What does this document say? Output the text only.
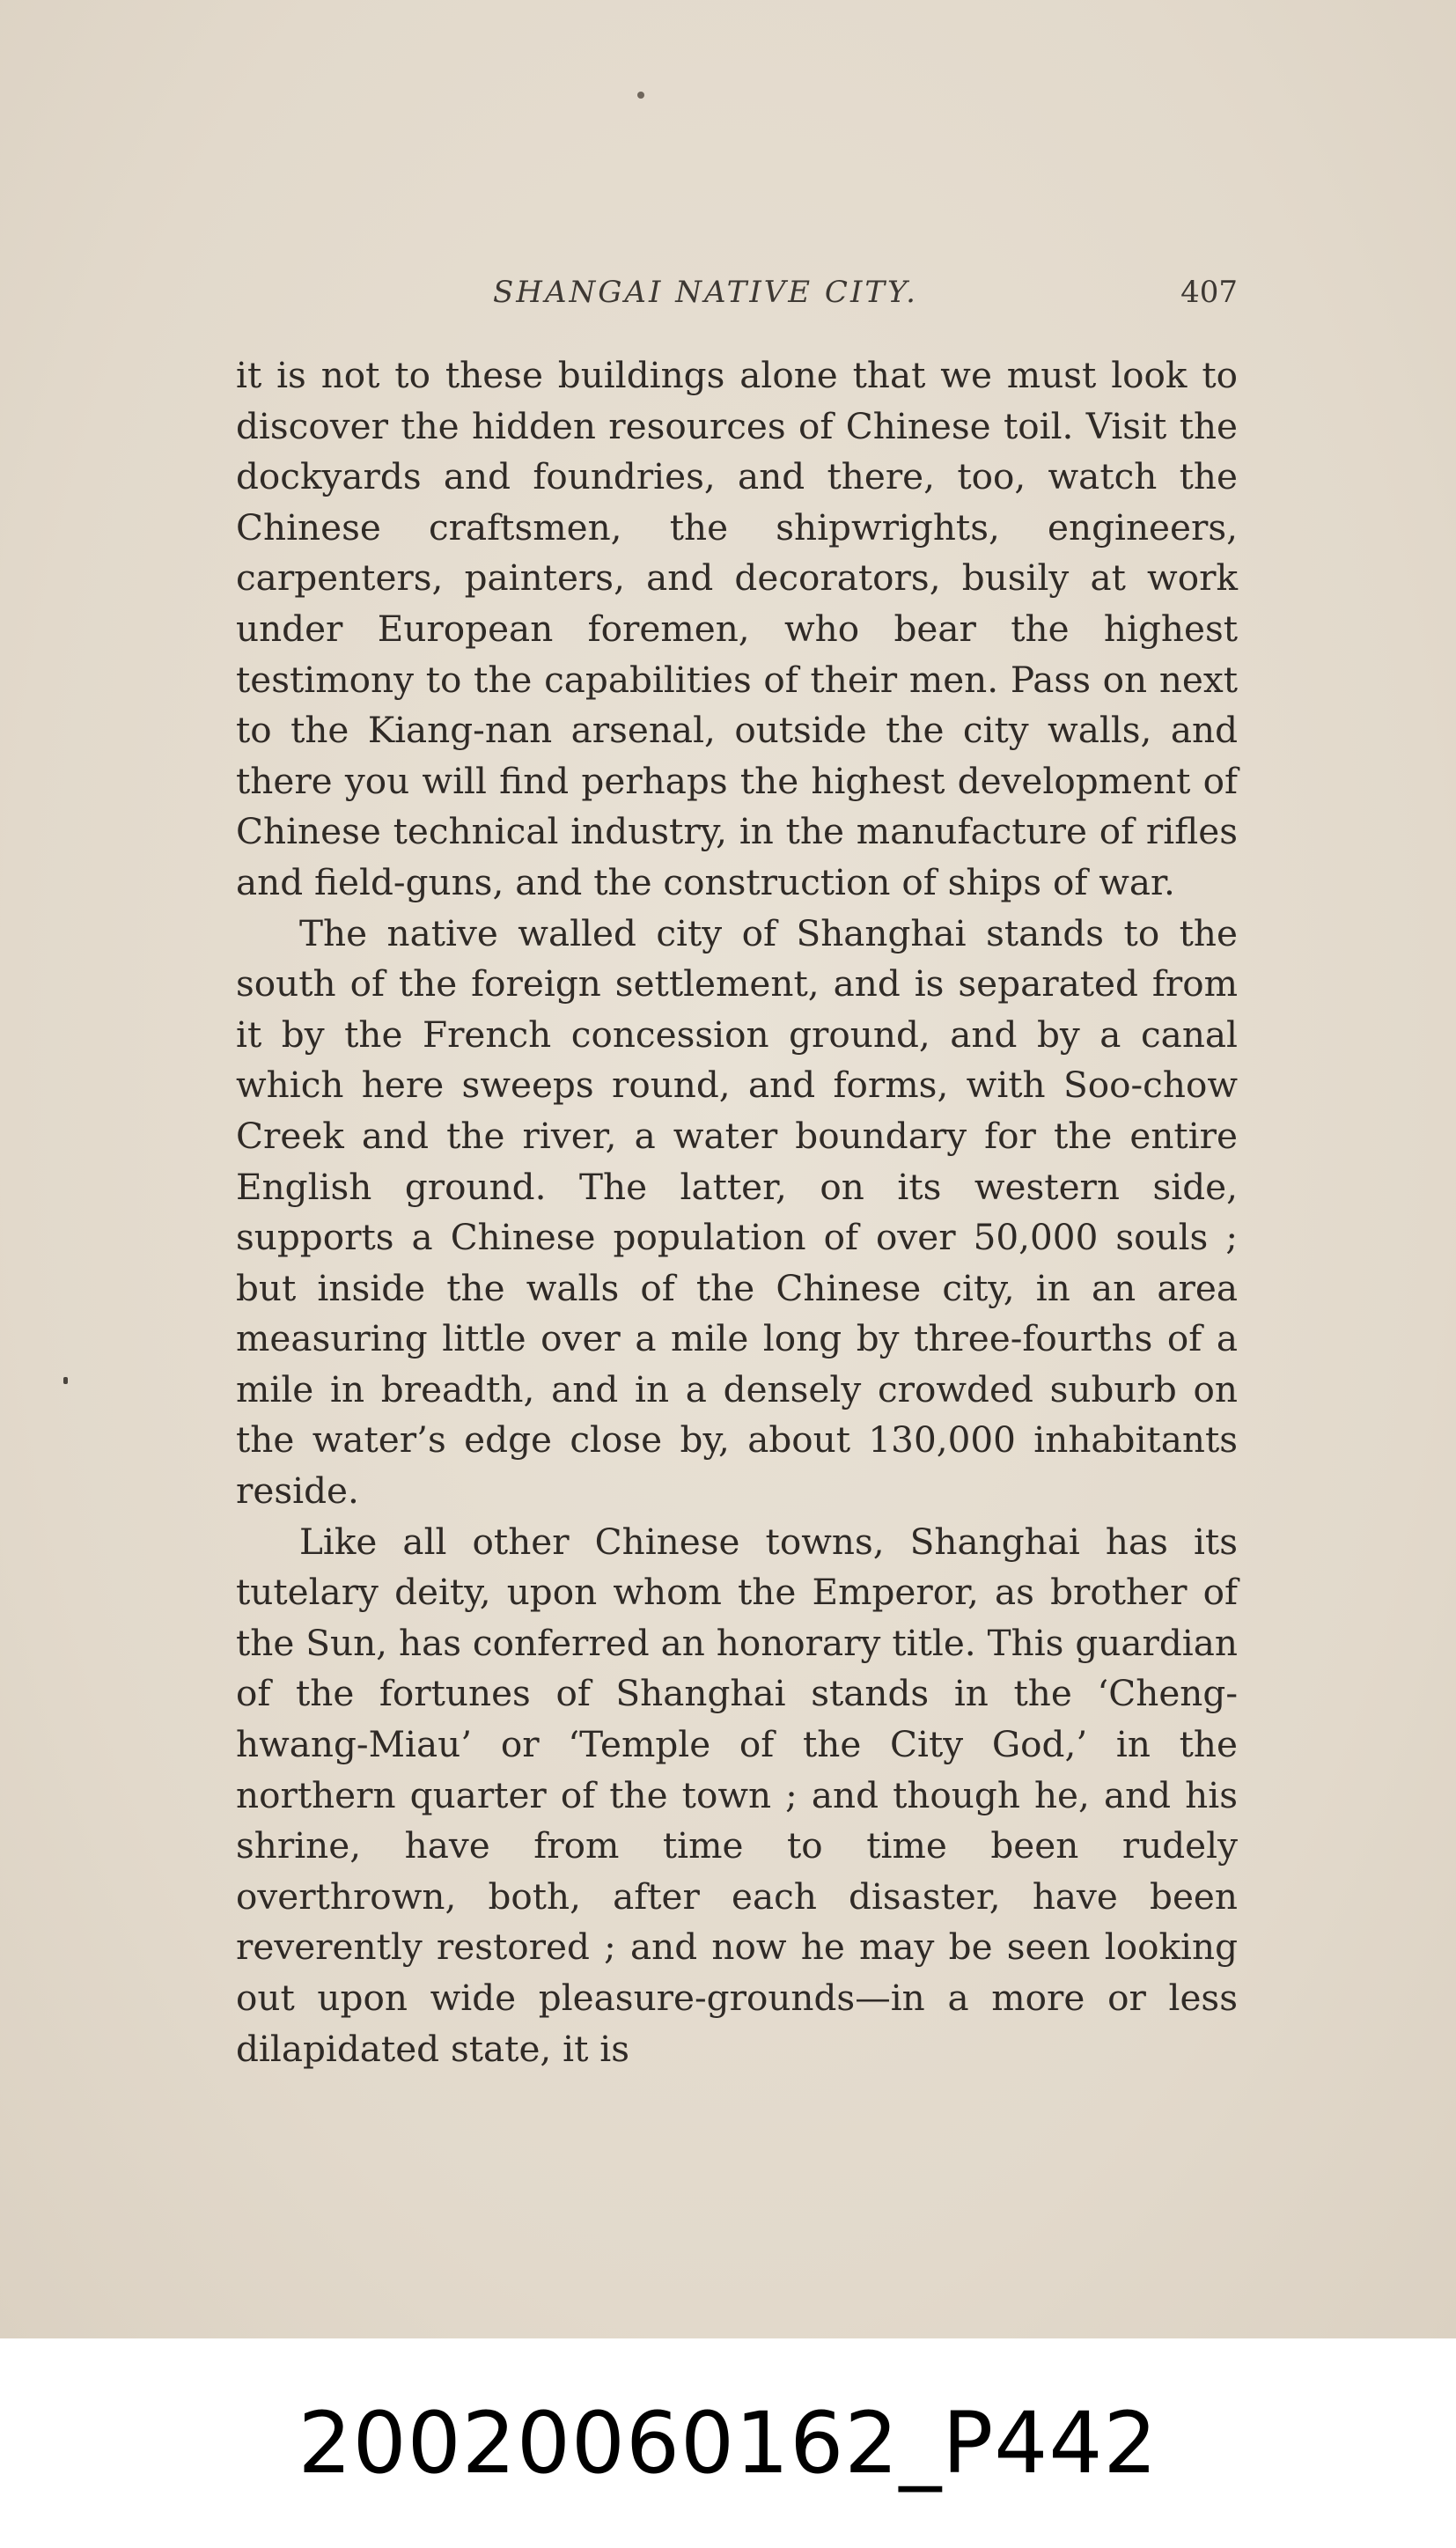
SHANGAI NATIVE CITY.	407

it is not to these buildings alone that we must look to discover the hidden resources of Chinese toil. Visit the dockyards and foundries, and there, too, watch the Chinese craftsmen, the shipwrights, engineers, carpenters, painters, and decorators, busily at work under European foremen, who bear the highest testimony to the capabilities of their men. Pass on next to the Kiang-nan arsenal, outside the city walls, and there you will find perhaps the highest development of Chinese technical industry, in the manufacture of rifles and field-guns, and the construction of ships of war.

The native walled city of Shanghai stands to the south of the foreign settlement, and is separated from it by the French concession ground, and by a canal which here sweeps round, and forms, with Soo-chow Creek and the river, a water boundary for the entire English ground. The latter, on its western side, supports a Chinese population of over 50,000 souls ; but inside the walls of the Chinese city, in an area measuring little over a mile long by three-fourths of a mile in breadth, and in a densely crowded suburb on the water’s edge close by, about 130,000 inhabitants reside.

Like all other Chinese towns, Shanghai has its tutelary deity, upon whom the Emperor, as brother of the Sun, has conferred an honorary title. This guardian of the fortunes of Shanghai stands in the ‘Cheng-hwang-Miau’ or ‘Temple of the City God,’ in the northern quarter of the town ; and though he, and his shrine, have from time to time been rudely overthrown, both, after each disaster, have been reverently restored ; and now he may be seen looking out upon wide pleasure-grounds—in a more or less dilapidated state, it is

20020060162_P442
